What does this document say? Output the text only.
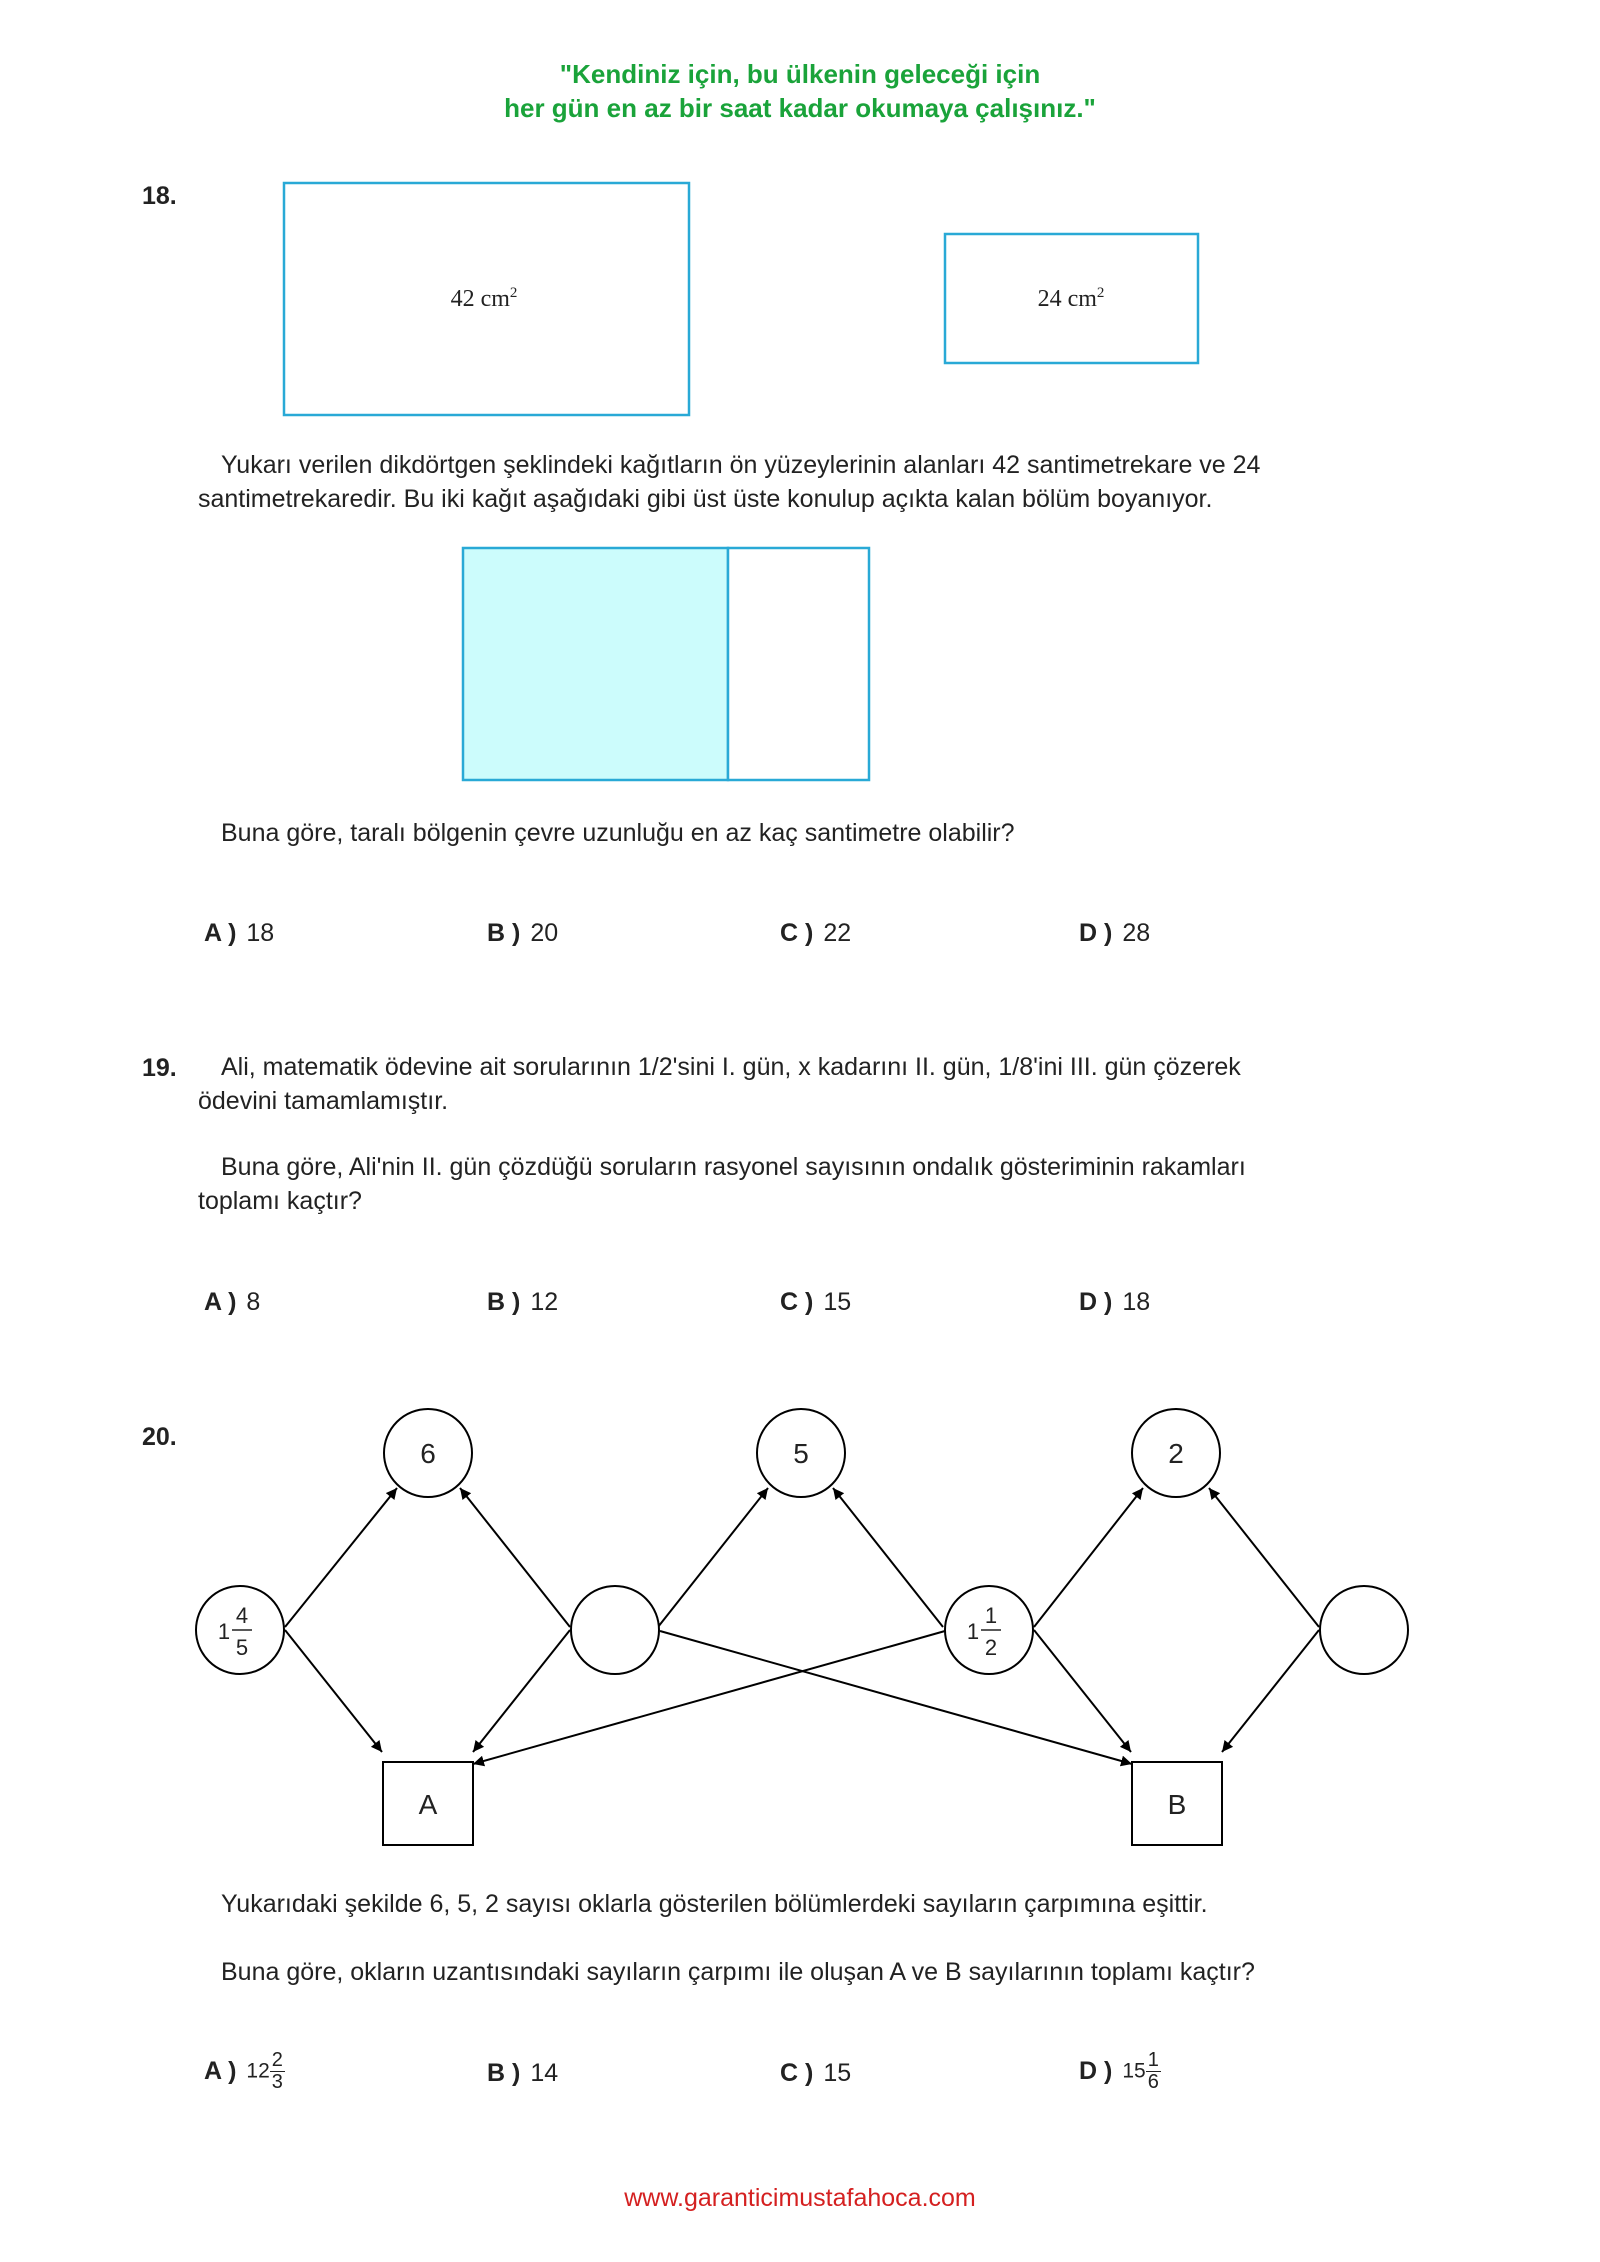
"Kendiniz için, bu ülkenin geleceği için
her gün en az bir saat kadar okumaya çalışınız."
18.
42 $cm^2$	24 $cm^2$
Yukarı verilen dikdörtgen şeklindeki kağıtların ön yüzeylerinin alanları 42 santimetrekare ve 24
santimetrekaredir. Bu iki kağıt aşağıdaki gibi üst üste konulup açıkta kalan bölüm boyanıyor.
Buna göre, taralı bölgenin çevre uzunluğu en az kaç santimetre olabilir?
A ) 18	B ) 20	C ) 22	D ) 28
19. Ali, matematik ödevine ait sorularının 1/2'sini I. gün, x kadarını II. gün, 1/8'ini III. gün çözerek
ödevini tamamlamıştır.
Buna göre, Ali'nin II. gün çözdüğü soruların rasyonel sayısının ondalık gösteriminin rakamları
toplamı kaçtır?
A ) 8	B ) 12	C ) 15	D ) 18
20.
6	5	2
A	B
1
4
5
1
1
2
Yukarıdaki şekilde 6, 5, 2 sayısı oklarla gösterilen bölümlerdeki sayıların çarpımına eşittir.
Buna göre, okların uzantısındaki sayıların çarpımı ile oluşan A ve B sayılarının toplamı kaçtır?
A ) $12 \frac{2}{3}$	B ) 14	C ) 15	D ) $15 \frac{1}{6}$
www.garanticimustafahoca.com
